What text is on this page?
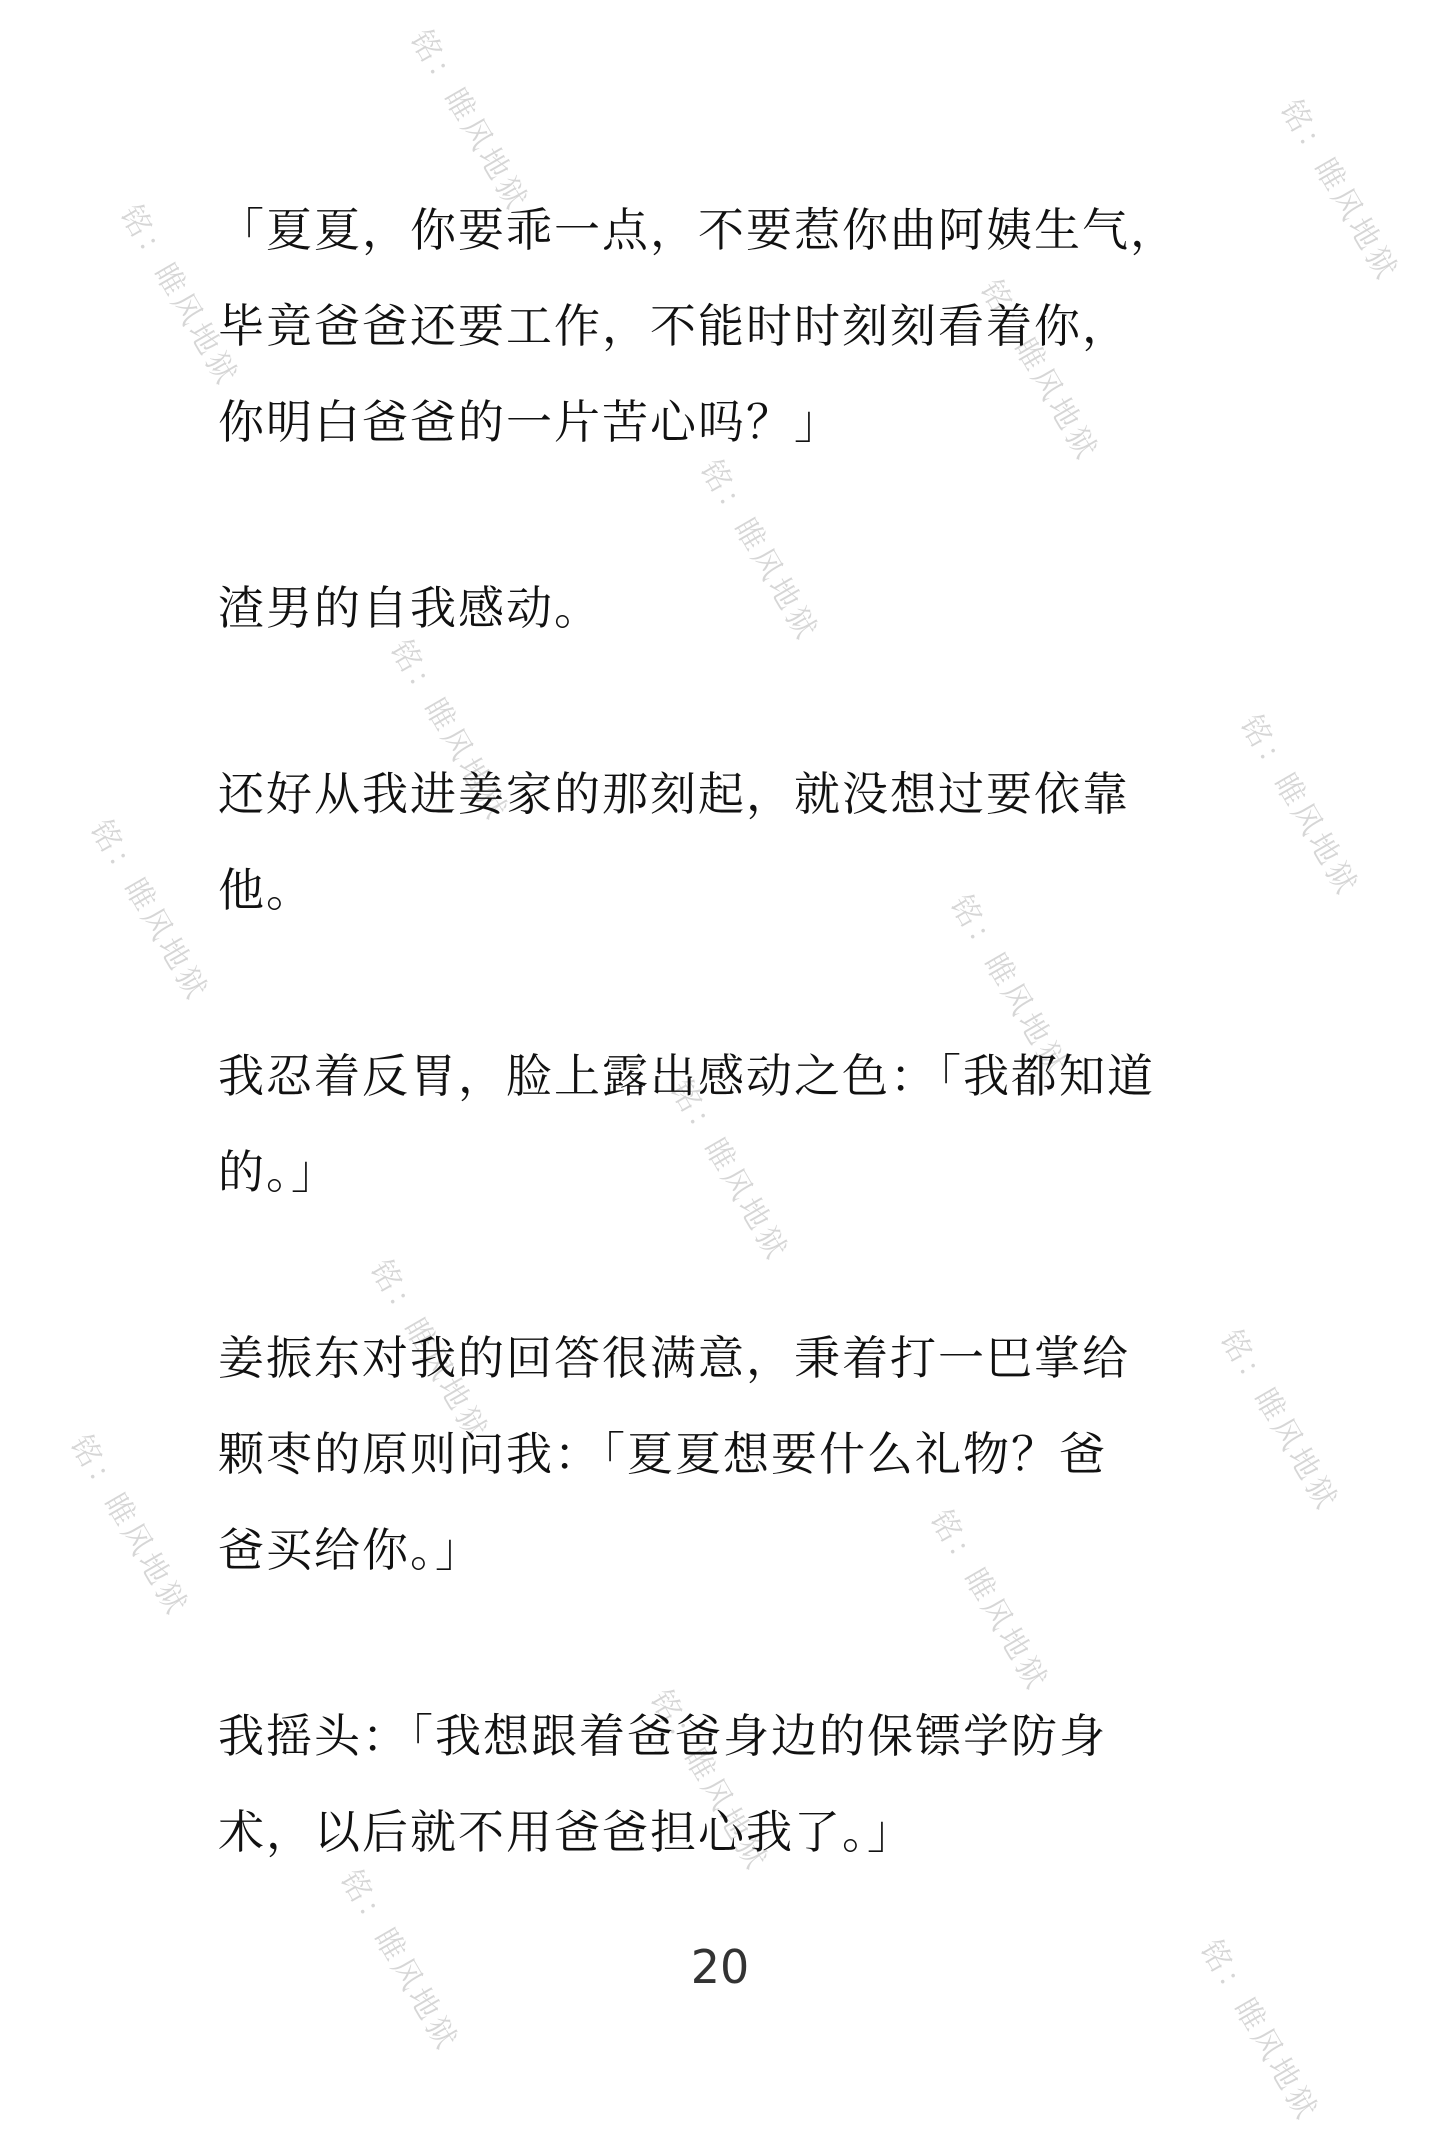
铭：睢风地狱	铭：睢风地狱
铭：睢风地狱	铭：睢风地狱
铭：睢风地狱
铭：睢风地狱	铭：睢风地狱
铭：睢风地狱	铭：睢风地狱
铭：睢风地狱
铭：睢风地狱	铭：睢风地狱
铭：睢风地狱	铭：睢风地狱
铭：睢风地狱
铭：睢风地狱	铭：睢风地狱

「夏夏，你要乖一点，不要惹你曲阿姨生气，
毕竟爸爸还要工作，不能时时刻刻看着你，
你明白爸爸的一片苦心吗？」

渣男的自我感动。

还好从我进姜家的那刻起，就没想过要依靠
他。

我忍着反胃，脸上露出感动之色：「我都知道
的。」

姜振东对我的回答很满意，秉着打一巴掌给
颗枣的原则问我：「夏夏想要什么礼物？爸
爸买给你。」

我摇头：「我想跟着爸爸身边的保镖学防身
术，以后就不用爸爸担心我了。」

20
